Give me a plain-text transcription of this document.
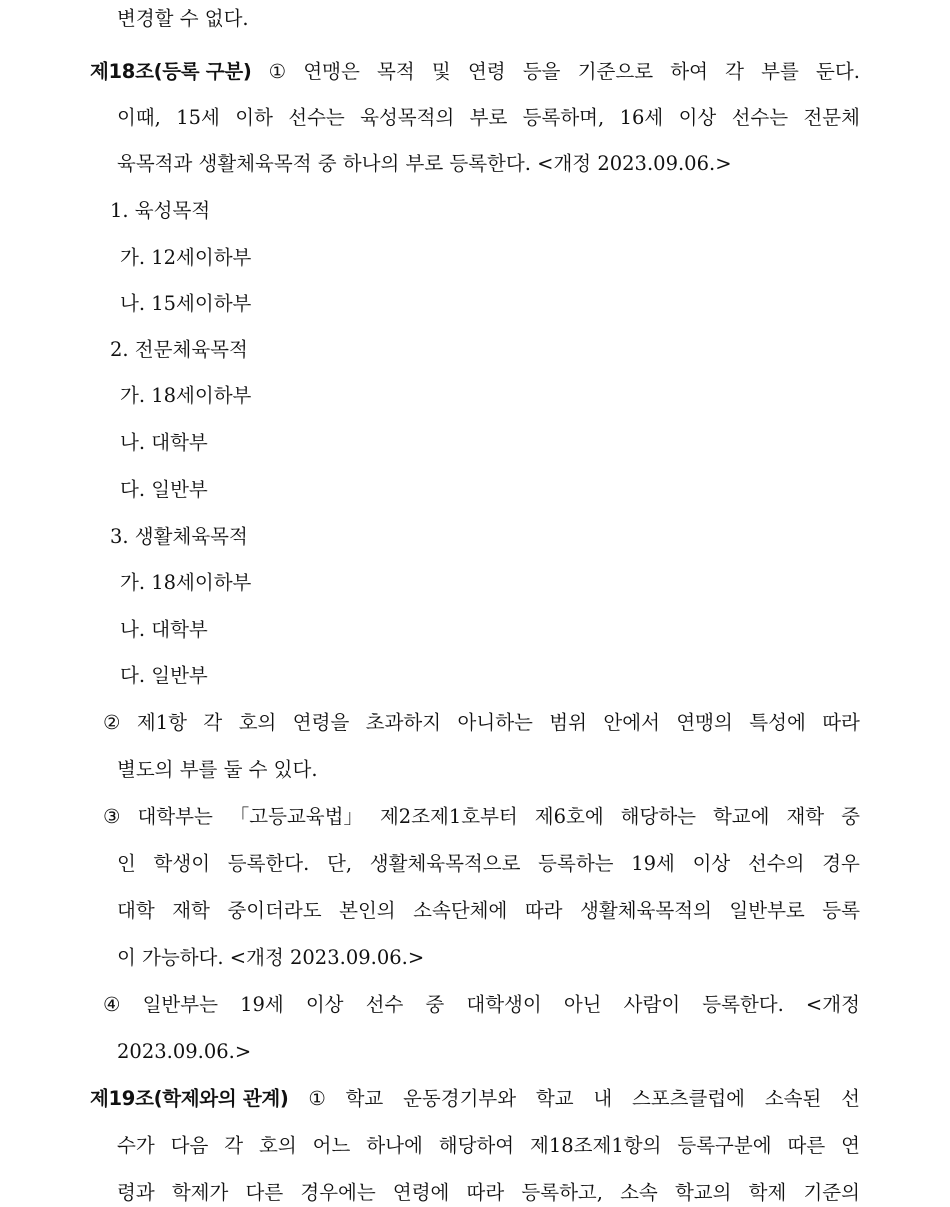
변경할 수 없다.
제18조(등록 구분) ① 연맹은 목적 및 연령 등을 기준으로 하여 각 부를 둔다.
이때, 15세 이하 선수는 육성목적의 부로 등록하며, 16세 이상 선수는 전문체
육목적과 생활체육목적 중 하나의 부로 등록한다. <개정 2023.09.06.>
1. 육성목적
가. 12세이하부
나. 15세이하부
2. 전문체육목적
가. 18세이하부
나. 대학부
다. 일반부
3. 생활체육목적
가. 18세이하부
나. 대학부
다. 일반부
② 제1항 각 호의 연령을 초과하지 아니하는 범위 안에서 연맹의 특성에 따라
별도의 부를 둘 수 있다.
③ 대학부는 「고등교육법」 제2조제1호부터 제6호에 해당하는 학교에 재학 중
인 학생이 등록한다. 단, 생활체육목적으로 등록하는 19세 이상 선수의 경우
대학 재학 중이더라도 본인의 소속단체에 따라 생활체육목적의 일반부로 등록
이 가능하다. <개정 2023.09.06.>
④ 일반부는 19세 이상 선수 중 대학생이 아닌 사람이 등록한다. <개정
2023.09.06.>
제19조(학제와의 관계) ① 학교 운동경기부와 학교 내 스포츠클럽에 소속된 선
수가 다음 각 호의 어느 하나에 해당하여 제18조제1항의 등록구분에 따른 연
령과 학제가 다른 경우에는 연령에 따라 등록하고, 소속 학교의 학제 기준의
